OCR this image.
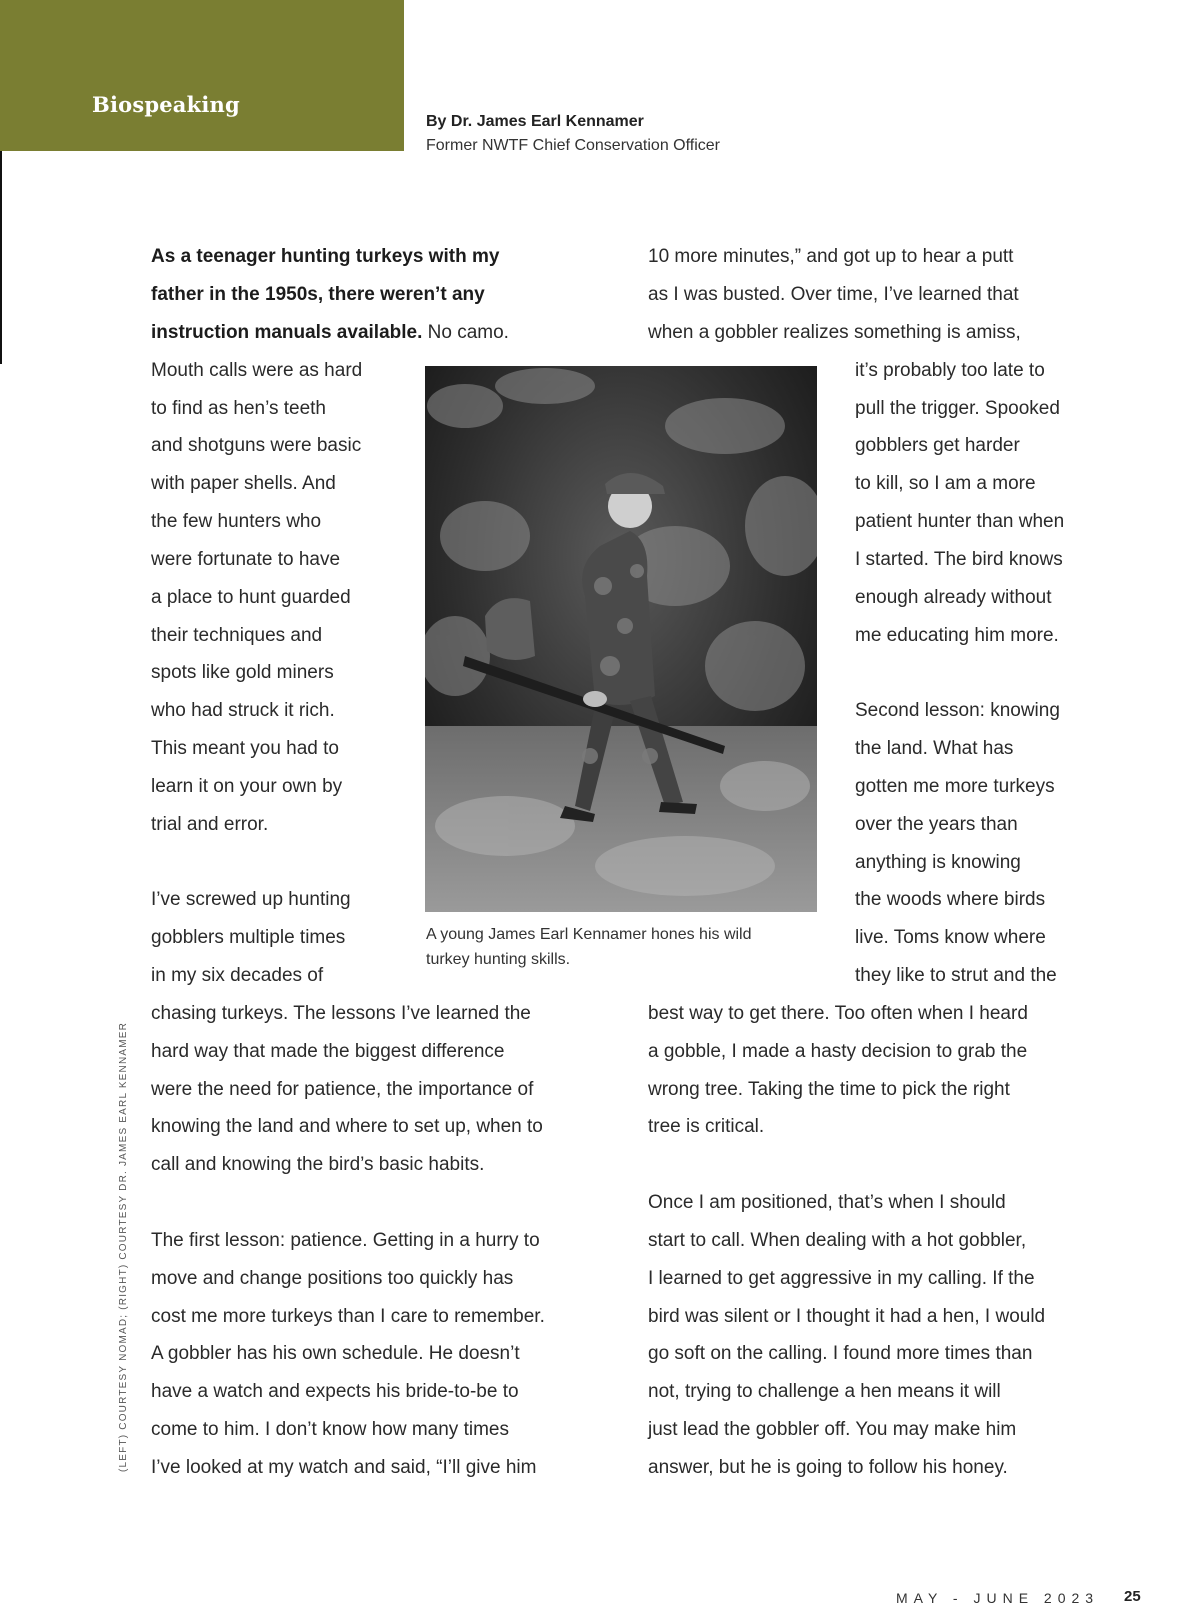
Biospeaking
By Dr. James Earl Kennamer
Former NWTF Chief Conservation Officer
As a teenager hunting turkeys with my
father in the 1950s, there weren’t any
instruction manuals available. No camo.
Mouth calls were as hard
to find as hen’s teeth
and shotguns were basic
with paper shells. And
the few hunters who
were fortunate to have
a place to hunt guarded
their techniques and
spots like gold miners
who had struck it rich.
This meant you had to
learn it on your own by
trial and error.
I’ve screwed up hunting
gobblers multiple times
in my six decades of
chasing turkeys. The lessons I’ve learned the
hard way that made the biggest difference
were the need for patience, the importance of
knowing the land and where to set up, when to
call and knowing the bird’s basic habits.
The first lesson: patience. Getting in a hurry to
move and change positions too quickly has
cost me more turkeys than I care to remember.
A gobbler has his own schedule. He doesn’t
have a watch and expects his bride-to-be to
come to him. I don’t know how many times
I’ve looked at my watch and said, “I’ll give him
10 more minutes,” and got up to hear a putt
as I was busted. Over time, I’ve learned that
when a gobbler realizes something is amiss,
it’s probably too late to
pull the trigger. Spooked
gobblers get harder
to kill, so I am a more
patient hunter than when
I started. The bird knows
enough already without
me educating him more.
Second lesson: knowing
the land. What has
gotten me more turkeys
over the years than
anything is knowing
the woods where birds
live. Toms know where
they like to strut and the
best way to get there. Too often when I heard
a gobble, I made a hasty decision to grab the
wrong tree. Taking the time to pick the right
tree is critical.
Once I am positioned, that’s when I should
start to call. When dealing with a hot gobbler,
I learned to get aggressive in my calling. If the
bird was silent or I thought it had a hen, I would
go soft on the calling. I found more times than
not, trying to challenge a hen means it will
just lead the gobbler off. You may make him
answer, but he is going to follow his honey.
A young James Earl Kennamer hones his wild
turkey hunting skills.
(LEFT) COURTESY NOMAD; (RIGHT) COURTESY DR. JAMES EARL KENNAMER
MAY - JUNE 2023 25
